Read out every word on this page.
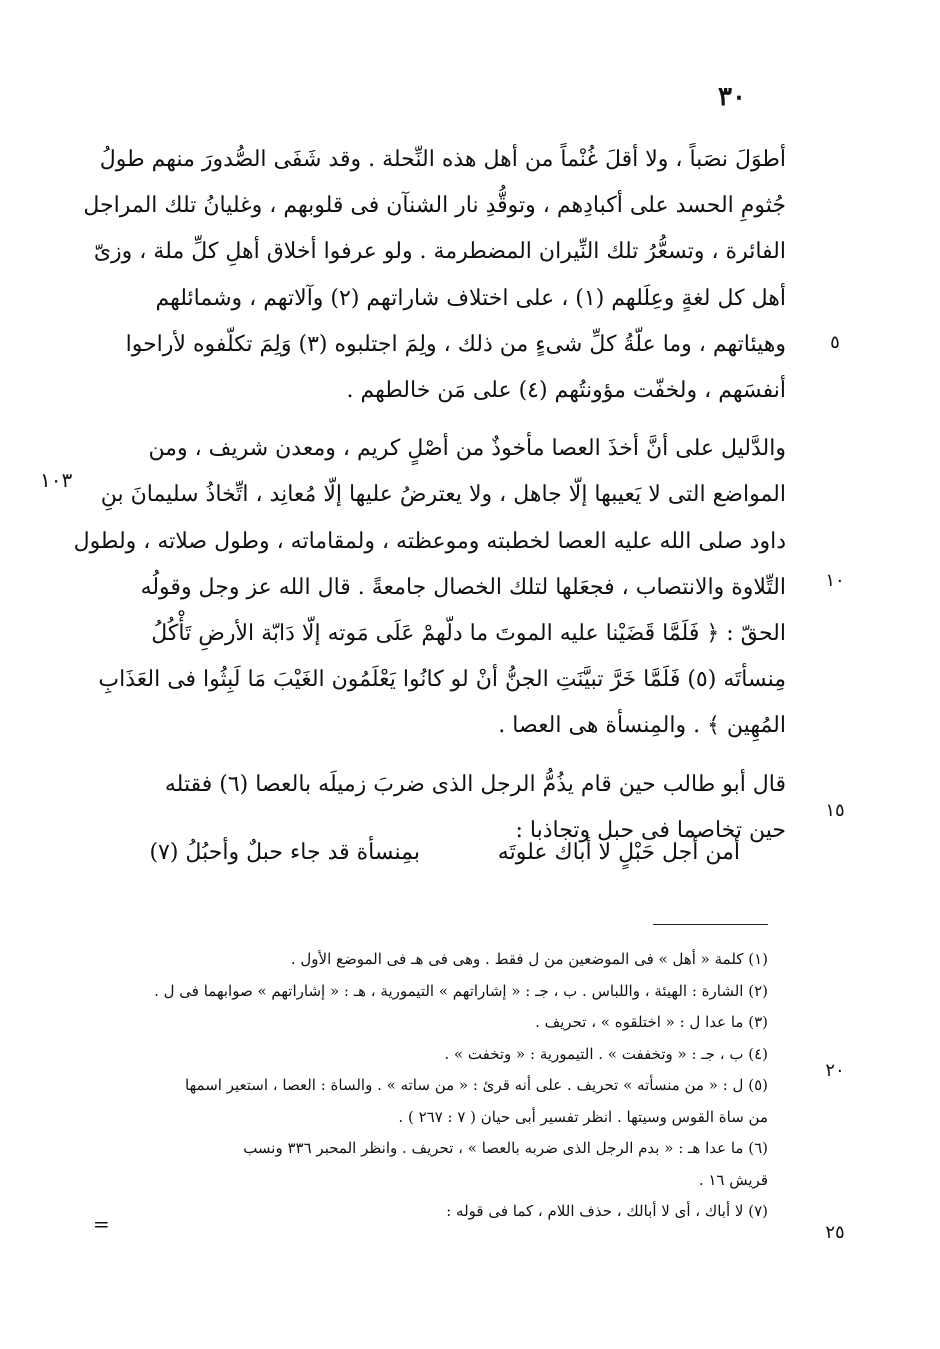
٣٠

أطوَلَ نصَباً ، ولا أقلَ غُنْماً من أهل هذه النِّحلة . وقد شَفَى الصُّدورَ منهم طولُ

جُثومِ الحسد على أكبادِهم ، وتوقُّدِ نار الشنآن فى قلوبهم ، وغليانُ تلك المراجل

الفائرة ، وتسعُّرُ تلك النِّيران المضطرمة . ولو عرفوا أخلاق أهلِ كلِّ ملة ، وزىّ

أهل كل لغةٍ وعِلَلهم (١) ، على اختلاف شاراتهم (٢) وآلاتهم ، وشمائلهم

وهيئاتهم ، وما علّةُ كلِّ شىءٍ من ذلك ، ولِمَ اجتلبوه (٣) وَلِمَ تكلّفوه لأراحوا

أنفسَهم ، ولخفّت مؤونتُهم (٤) على مَن خالطهم .

والدَّليل على أنَّ أخذَ العصا مأخوذٌ من أصْلٍ كريم ، ومعدن شريف ، ومن

المواضع التى لا يَعيبها إلّا جاهل ، ولا يعترضُ عليها إلّا مُعانِد ، اتِّخاذُ سليمانَ بنِ

داود صلى الله عليه العصا لخطبته وموعظته ، ولمقاماته ، وطول صلاته ، ولطول

التِّلاوة والانتصاب ، فجعَلها لتلك الخصال جامعةً . قال الله عز وجل وقولُه

الحقّ : ﴿ فَلَمَّا قَضَيْنا عليه الموتَ ما دلّهمْ عَلَى مَوته إلّا دَابّة الأرضِ تَأْكُلُ

مِنسأتَه (٥) فَلَمَّا خَرَّ تبيَّنَتِ الجنُّ أنْ لو كانُوا يَعْلَمُون الغَيْبَ مَا لَبِثُوا فى العَذَابِ

المُهِين ﴾ . والمِنسأة هى العصا .

قال أبو طالب حين قام يذُمُّ الرجل الذى ضربَ زميلَه بالعصا (٦) فقتله

حين تخاصما فى حبل وتجاذبا :

أمن أجل حَبْلٍ لا أباك علوتَه
بمِنسأة قد جاء حبلٌ وأحبُلُ (٧)
٥
١٠
١٥
٢٠
٢٥
١٠٣

(١) كلمة « أهل » فى الموضعين من ل فقط . وهى فى هـ فى الموضع الأول .

(٢) الشارة : الهيئة ، واللباس . ب ، جـ : « إشاراتهم » التيمورية ، هـ : « إشاراتهم » صوابهما فى ل .

(٣) ما عدا ل : « اختلقوه » ، تحريف .

(٤) ب ، جـ : « وتخففت » . التيمورية : « وتخفت » .

(٥) ل : « من منسأته » تحريف . على أنه قرئ : « من ساته » . والساة : العصا ، استعير اسمها

من ساة القوس وسيتها . انظر تفسير أبى حيان ( ٧ : ٢٦٧ ) .

(٦) ما عدا هـ : « بدم الرجل الذى ضربه بالعصا » ، تحريف . وانظر المحبر ٣٣٦ ونسب

قريش ١٦ .

(٧) لا أباك ، أى لا أبالك ، حذف اللام ، كما فى قوله :

=
